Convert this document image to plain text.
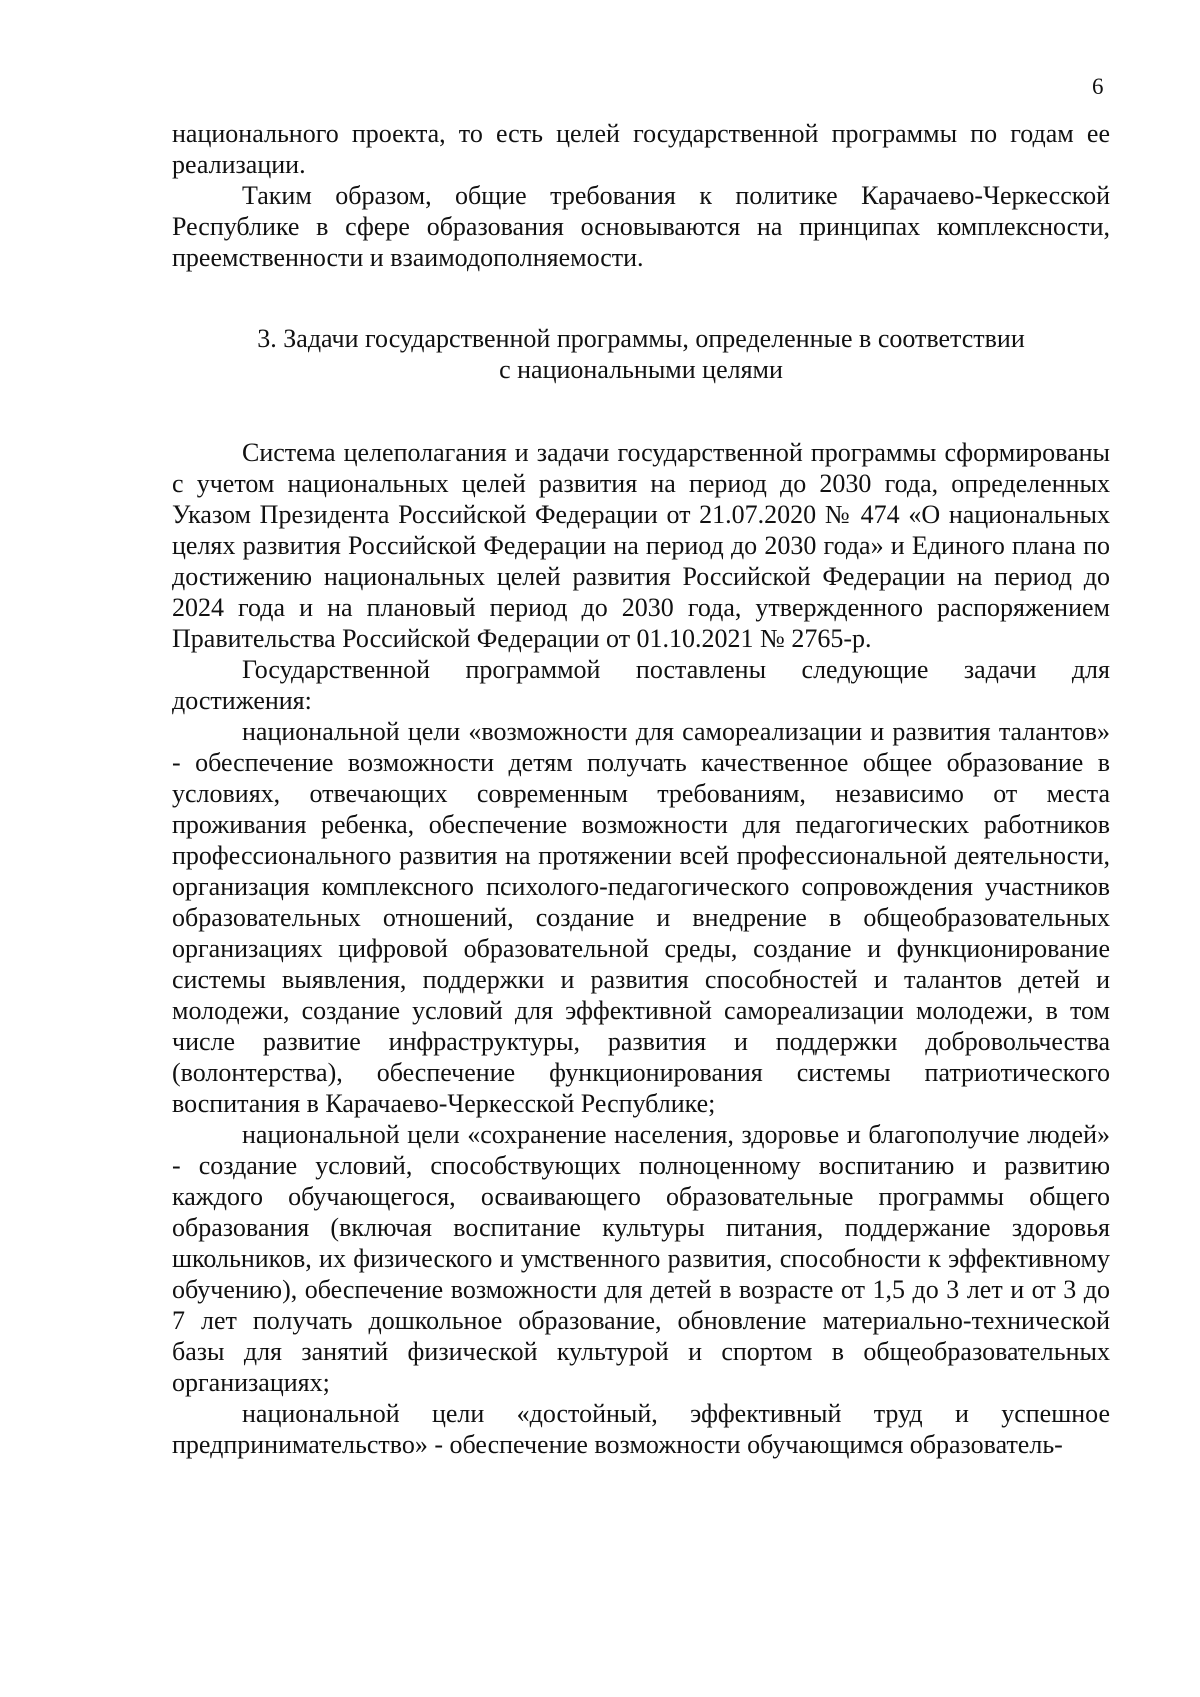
6

национального проекта, то есть целей государственной программы по годам ее реализации.

Таким образом, общие требования к политике Карачаево-Черкесской Республике в сфере образования основываются на принципах комплексности, преемственности и взаимодополняемости.

3. Задачи государственной программы, определенные в соответствии
с национальными целями

Система целеполагания и задачи государственной программы сформированы с учетом национальных целей развития на период до 2030 года, определенных Указом Президента Российской Федерации от 21.07.2020 № 474 «О национальных целях развития Российской Федерации на период до 2030 года» и Единого плана по достижению национальных целей развития Российской Федерации на период до 2024 года и на плановый период до 2030 года, утвержденного распоряжением Правительства Российской Федерации от 01.10.2021 № 2765-р.

Государственной программой поставлены следующие задачи для достижения:

национальной цели «возможности для самореализации и развития талантов» - обеспечение возможности детям получать качественное общее образование в условиях, отвечающих современным требованиям, независимо от места проживания ребенка, обеспечение возможности для педагогических работников профессионального развития на протяжении всей профессиональной деятельности, организация комплексного психолого-педагогического сопровождения участников образовательных отношений, создание и внедрение в общеобразовательных организациях цифровой образовательной среды, создание и функционирование системы выявления, поддержки и развития способностей и талантов детей и молодежи, создание условий для эффективной самореализации молодежи, в том числе развитие инфраструктуры, развития и поддержки добровольчества (волонтерства), обеспечение функционирования системы патриотического воспитания в Карачаево-Черкесской Республике;

национальной цели «сохранение населения, здоровье и благополучие людей» - создание условий, способствующих полноценному воспитанию и развитию каждого обучающегося, осваивающего образовательные программы общего образования (включая воспитание культуры питания, поддержание здоровья школьников, их физического и умственного развития, способности к эффективному обучению), обеспечение возможности для детей в возрасте от 1,5 до 3 лет и от 3 до 7 лет получать дошкольное образование, обновление материально-технической базы для занятий физической культурой и спортом в общеобразовательных организациях;

национальной цели «достойный, эффективный труд и успешное предпринимательство» - обеспечение возможности обучающимся образователь-
